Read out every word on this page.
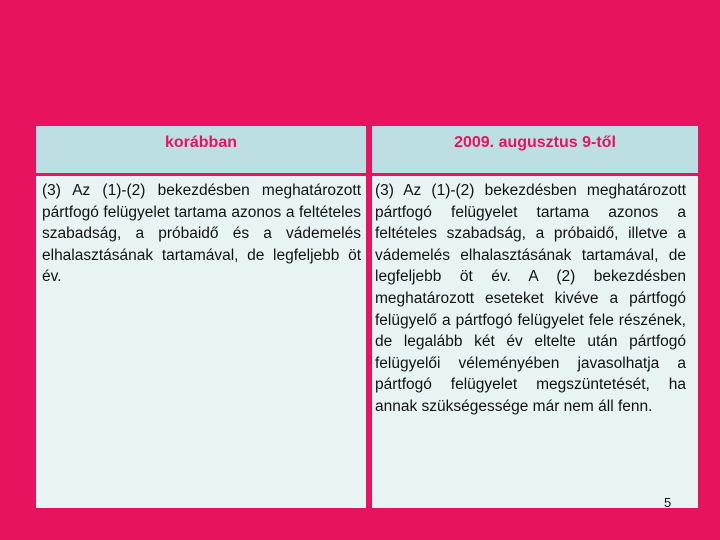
korábban	2009. augusztus 9-től
(3) Az (1)-(2) bekezdésben meghatározott pártfogó felügyelet tartama azonos a feltételes szabadság, a próbaidő és a vádemelés elhalasztásának tartamával, de legfeljebb öt év.
(3) Az (1)-(2) bekezdésben meghatározott pártfogó felügyelet tartama azonos a feltételes szabadság, a próbaidő, illetve a vádemelés elhalasztásának tartamával, de legfeljebb öt év. A (2) bekezdésben meghatározott eseteket kivéve a pártfogó felügyelő a pártfogó felügyelet fele részének, de legalább két év eltelte után pártfogó felügyelői véleményében javasolhatja a pártfogó felügyelet megszüntetését, ha annak szükségessége már nem áll fenn.
5
